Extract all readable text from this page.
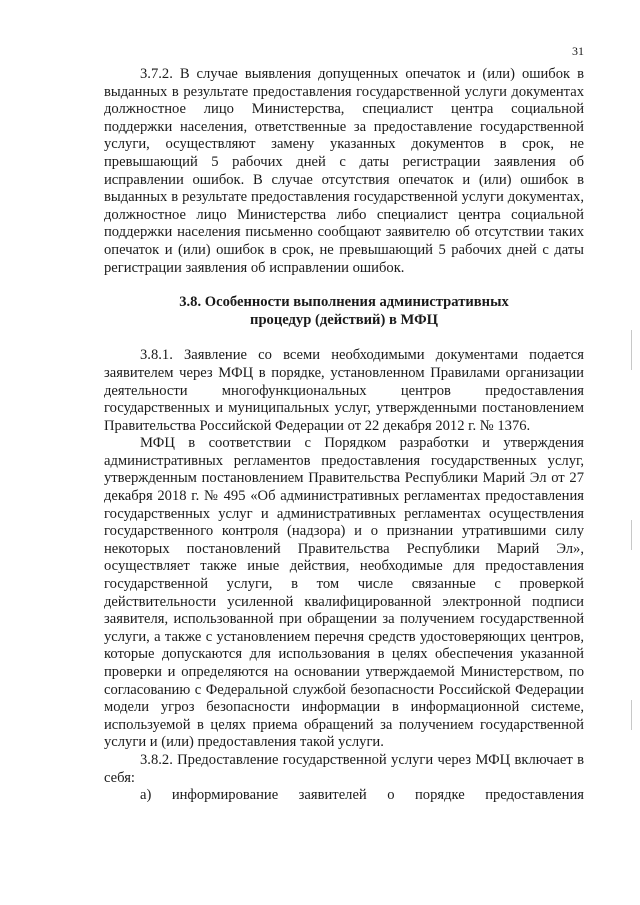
31

3.7.2. В случае выявления допущенных опечаток и (или) ошибок в выданных в результате предоставления государственной услуги документах должностное лицо Министерства, специалист центра социальной поддержки населения, ответственные за предоставление государственной услуги, осуществляют замену указанных документов в срок, не превышающий 5 рабочих дней с даты регистрации заявления об исправлении ошибок. В случае отсутствия опечаток и (или) ошибок в выданных в результате предоставления государственной услуги документах, должностное лицо Министерства либо специалист центра социальной поддержки населения письменно сообщают заявителю об отсутствии таких опечаток и (или) ошибок в срок, не превышающий 5 рабочих дней с даты регистрации заявления об исправлении ошибок.

3.8. Особенности выполнения административных
процедур (действий) в МФЦ

3.8.1. Заявление со всеми необходимыми документами подается заявителем через МФЦ в порядке, установленном Правилами организации деятельности многофункциональных центров предоставления государственных и муниципальных услуг, утвержденными постановлением Правительства Российской Федерации от 22 декабря 2012 г. № 1376.

МФЦ в соответствии с Порядком разработки и утверждения административных регламентов предоставления государственных услуг, утвержденным постановлением Правительства Республики Марий Эл от 27 декабря 2018 г. № 495 «Об административных регламентах предоставления государственных услуг и административных регламентах осуществления государственного контроля (надзора) и о признании утратившими силу некоторых постановлений Правительства Республики Марий Эл», осуществляет также иные действия, необходимые для предоставления государственной услуги, в том числе связанные с проверкой действительности усиленной квалифицированной электронной подписи заявителя, использованной при обращении за получением государственной услуги, а также с установлением перечня средств удостоверяющих центров, которые допускаются для использования в целях обеспечения указанной проверки и определяются на основании утверждаемой Министерством, по согласованию с Федеральной службой безопасности Российской Федерации модели угроз безопасности информации в информационной системе, используемой в целях приема обращений за получением государственной услуги и (или) предоставления такой услуги.

3.8.2. Предоставление государственной услуги через МФЦ включает в себя:

а) информирование заявителей о порядке предоставления
